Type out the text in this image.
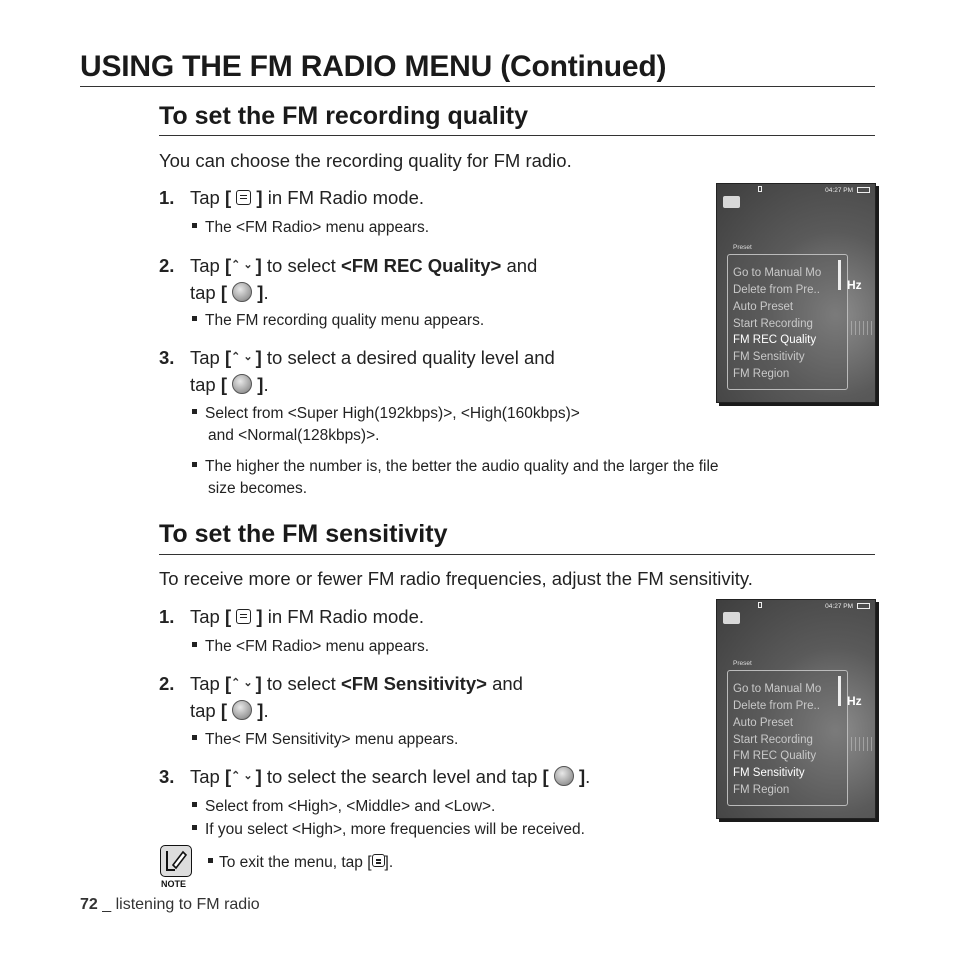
USING THE FM RADIO MENU (Continued)
To set the FM recording quality
You can choose the recording quality for FM radio.
1. Tap [  ] in FM Radio mode.
The <FM Radio> menu appears.
2. Tap [⌃⌄] to select <FM REC Quality> and
tap [  ].
The FM recording quality menu appears.
3. Tap [⌃⌄] to select a desired quality level and
tap [  ].
Select from <Super High(192kbps)>, <High(160kbps)>
and <Normal(128kbps)>.
The higher the number is, the better the audio quality and the larger the file
size becomes.
04:27 PM
Preset
Hz
Go to Manual Mo
Delete from Pre..
Auto Preset
Start Recording
FM REC Quality
FM Sensitivity
FM Region
To set the FM sensitivity
To receive more or fewer FM radio frequencies, adjust the FM sensitivity.
1. Tap [  ] in FM Radio mode.
The <FM Radio> menu appears.
2. Tap [⌃⌄] to select <FM Sensitivity> and
tap [  ].
The< FM Sensitivity> menu appears.
3. Tap [⌃⌄] to select the search level and tap [  ].
Select from <High>, <Middle> and <Low>.
If you select <High>, more frequencies will be received.
04:27 PM
Preset
Hz
Go to Manual Mo
Delete from Pre..
Auto Preset
Start Recording
FM REC Quality
FM Sensitivity
FM Region
NOTE
To exit the menu, tap [ ].
72 _ listening to FM radio
